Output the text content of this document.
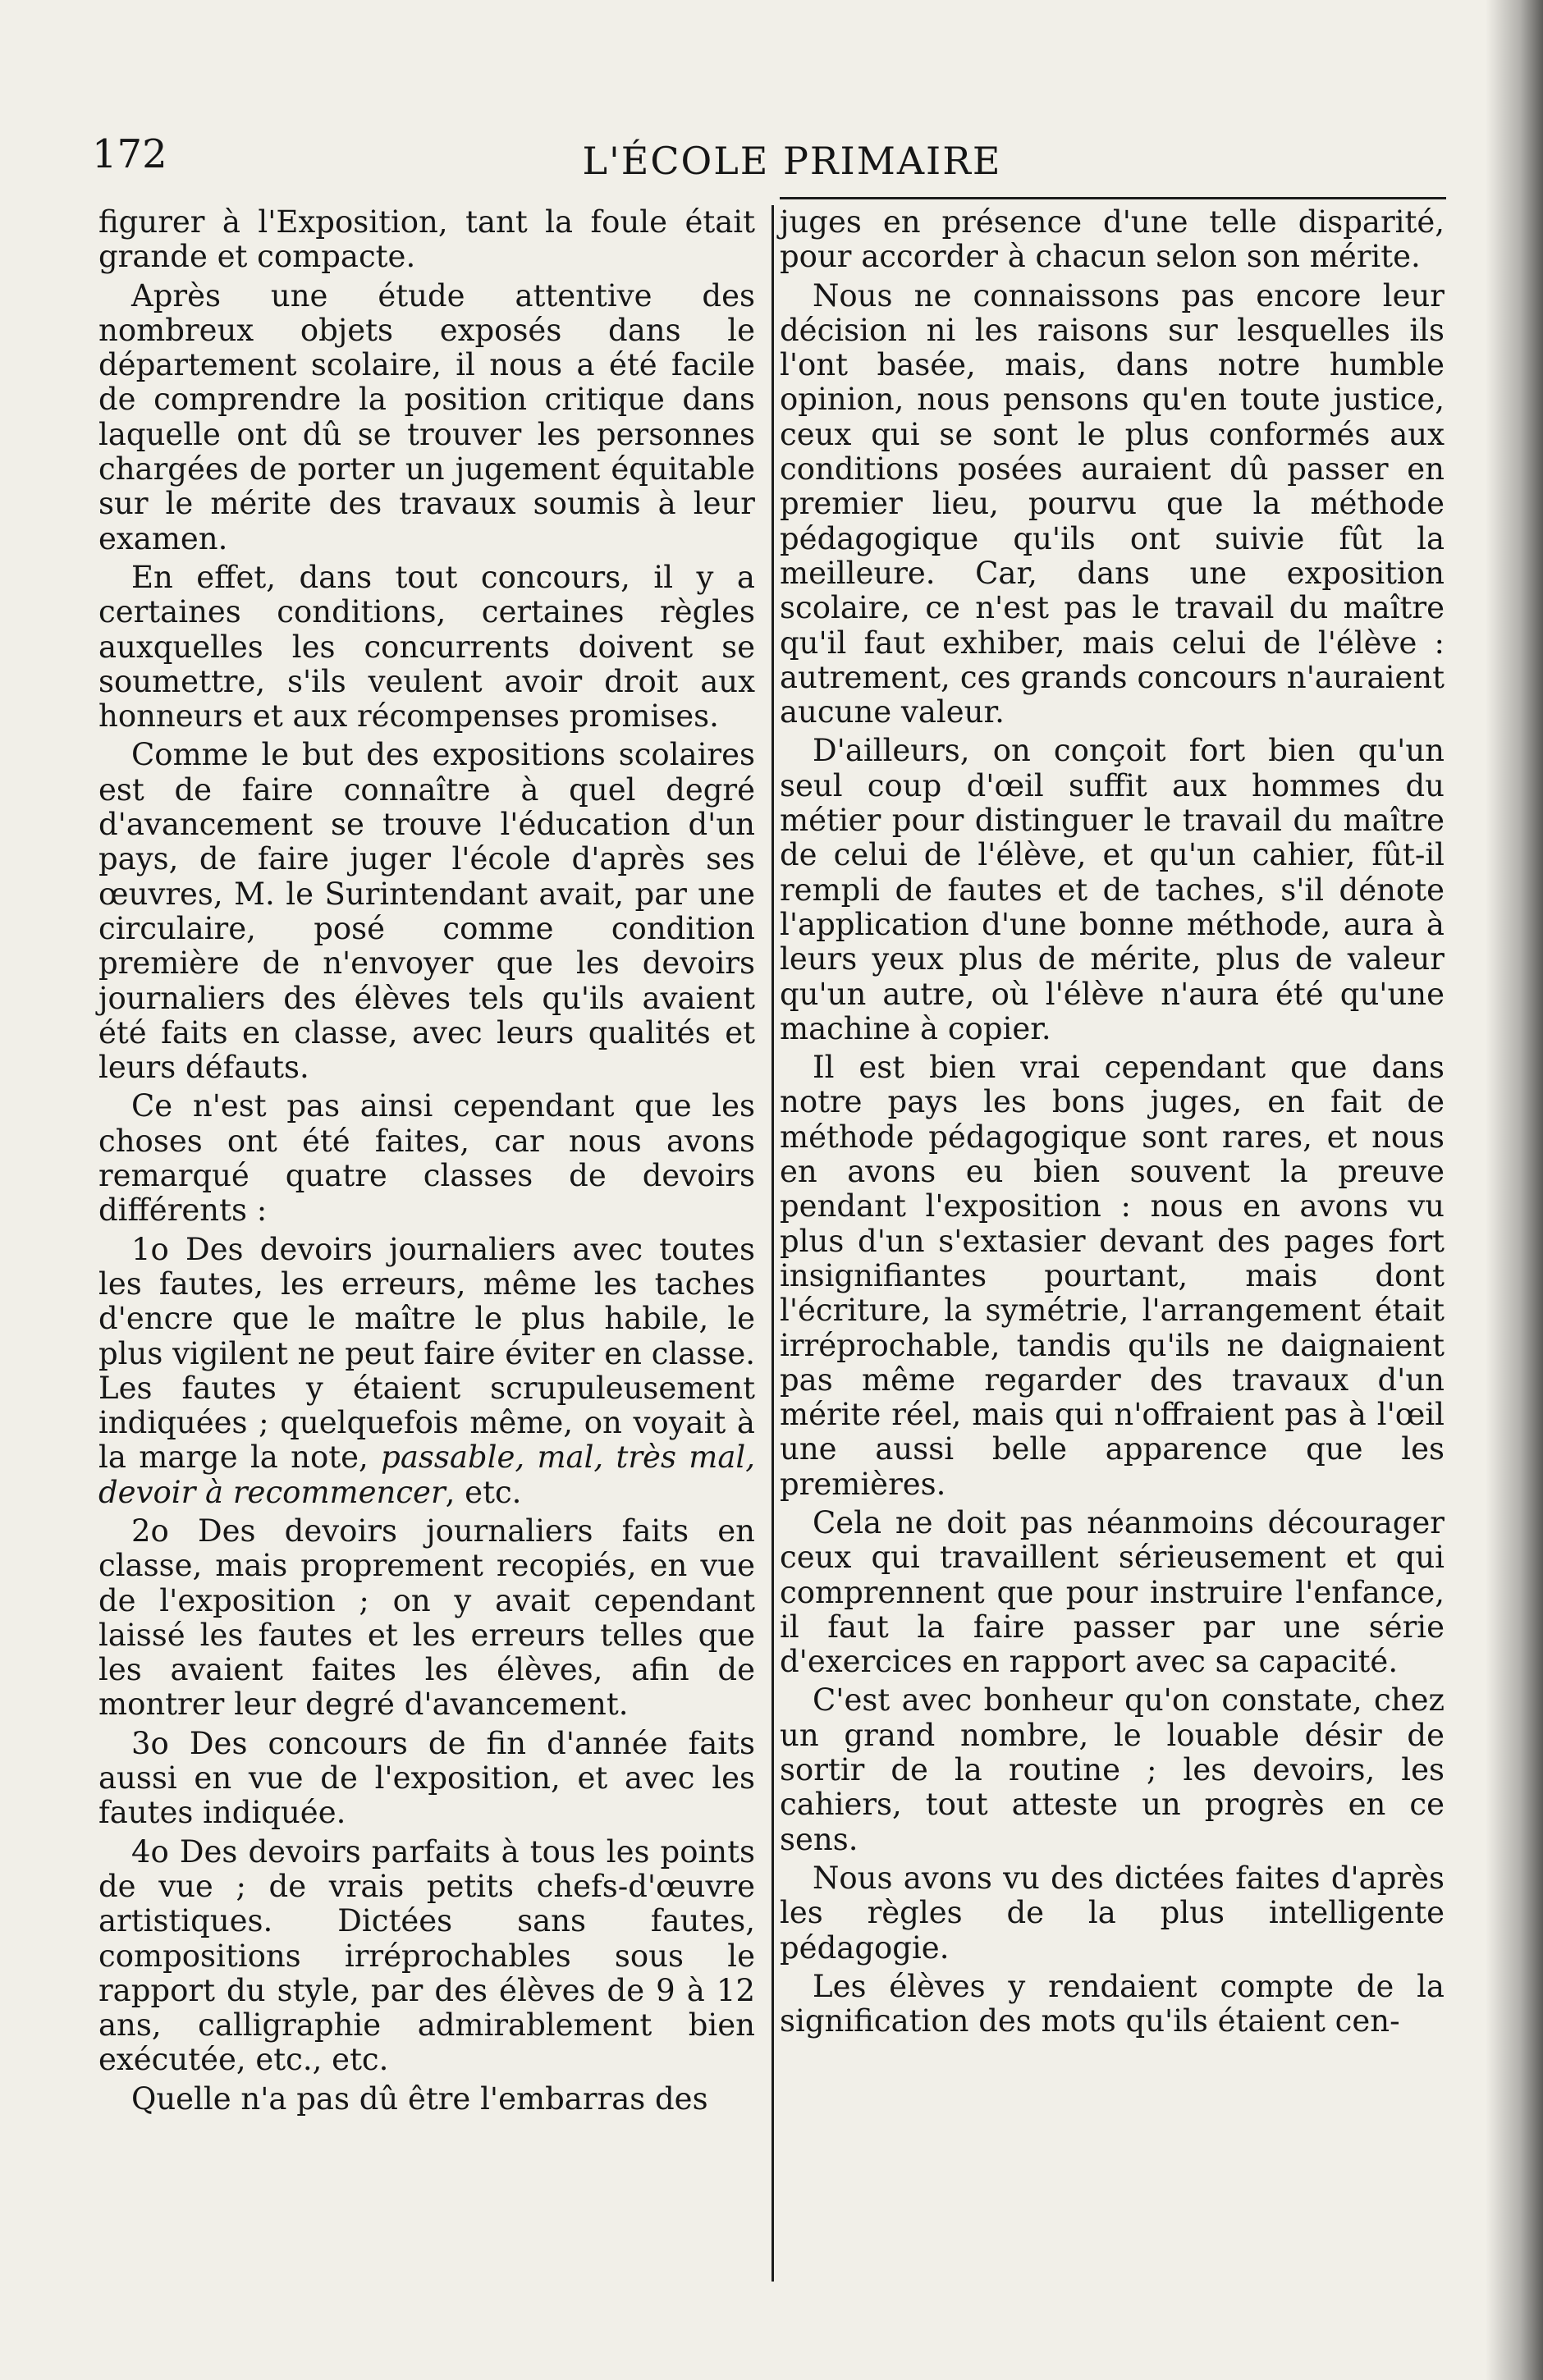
172	L'ÉCOLE PRIMAIRE

figurer à l'Exposition, tant la foule était grande et compacte.

Après une étude attentive des nombreux objets exposés dans le département scolaire, il nous a été facile de comprendre la position critique dans laquelle ont dû se trouver les personnes chargées de porter un jugement équitable sur le mérite des travaux soumis à leur examen.

En effet, dans tout concours, il y a certaines conditions, certaines règles auxquelles les concurrents doivent se soumettre, s'ils veulent avoir droit aux honneurs et aux récompenses promises.

Comme le but des expositions scolaires est de faire connaître à quel degré d'avancement se trouve l'éducation d'un pays, de faire juger l'école d'après ses œuvres, M. le Surintendant avait, par une circulaire, posé comme condition première de n'envoyer que les devoirs journaliers des élèves tels qu'ils avaient été faits en classe, avec leurs qualités et leurs défauts.

Ce n'est pas ainsi cependant que les choses ont été faites, car nous avons remarqué quatre classes de devoirs différents :

1o Des devoirs journaliers avec toutes les fautes, les erreurs, même les taches d'encre que le maître le plus habile, le plus vigilent ne peut faire éviter en classe. Les fautes y étaient scrupuleusement indiquées ; quelquefois même, on voyait à la marge la note, passable, mal, très mal, devoir à recommencer, etc.

2o Des devoirs journaliers faits en classe, mais proprement recopiés, en vue de l'exposition ; on y avait cependant laissé les fautes et les erreurs telles que les avaient faites les élèves, afin de montrer leur degré d'avancement.

3o Des concours de fin d'année faits aussi en vue de l'exposition, et avec les fautes indiquée.

4o Des devoirs parfaits à tous les points de vue ; de vrais petits chefs-d'œuvre artistiques. Dictées sans fautes, compositions irréprochables sous le rapport du style, par des élèves de 9 à 12 ans, calligraphie admirablement bien exécutée, etc., etc.

Quelle n'a pas dû être l'embarras des

juges en présence d'une telle disparité, pour accorder à chacun selon son mérite.

Nous ne connaissons pas encore leur décision ni les raisons sur lesquelles ils l'ont basée, mais, dans notre humble opinion, nous pensons qu'en toute justice, ceux qui se sont le plus conformés aux conditions posées auraient dû passer en premier lieu, pourvu que la méthode pédagogique qu'ils ont suivie fût la meilleure. Car, dans une exposition scolaire, ce n'est pas le travail du maître qu'il faut exhiber, mais celui de l'élève : autrement, ces grands concours n'auraient aucune valeur.

D'ailleurs, on conçoit fort bien qu'un seul coup d'œil suffit aux hommes du métier pour distinguer le travail du maître de celui de l'élève, et qu'un cahier, fût-il rempli de fautes et de taches, s'il dénote l'application d'une bonne méthode, aura à leurs yeux plus de mérite, plus de valeur qu'un autre, où l'élève n'aura été qu'une machine à copier.

Il est bien vrai cependant que dans notre pays les bons juges, en fait de méthode pédagogique sont rares, et nous en avons eu bien souvent la preuve pendant l'exposition : nous en avons vu plus d'un s'extasier devant des pages fort insignifiantes pourtant, mais dont l'écriture, la symétrie, l'arrangement était irréprochable, tandis qu'ils ne daignaient pas même regarder des travaux d'un mérite réel, mais qui n'offraient pas à l'œil une aussi belle apparence que les premières.

Cela ne doit pas néanmoins décourager ceux qui travaillent sérieusement et qui comprennent que pour instruire l'enfance, il faut la faire passer par une série d'exercices en rapport avec sa capacité.

C'est avec bonheur qu'on constate, chez un grand nombre, le louable désir de sortir de la routine ; les devoirs, les cahiers, tout atteste un progrès en ce sens.

Nous avons vu des dictées faites d'après les règles de la plus intelligente pédagogie.

Les élèves y rendaient compte de la signification des mots qu'ils étaient cen-
